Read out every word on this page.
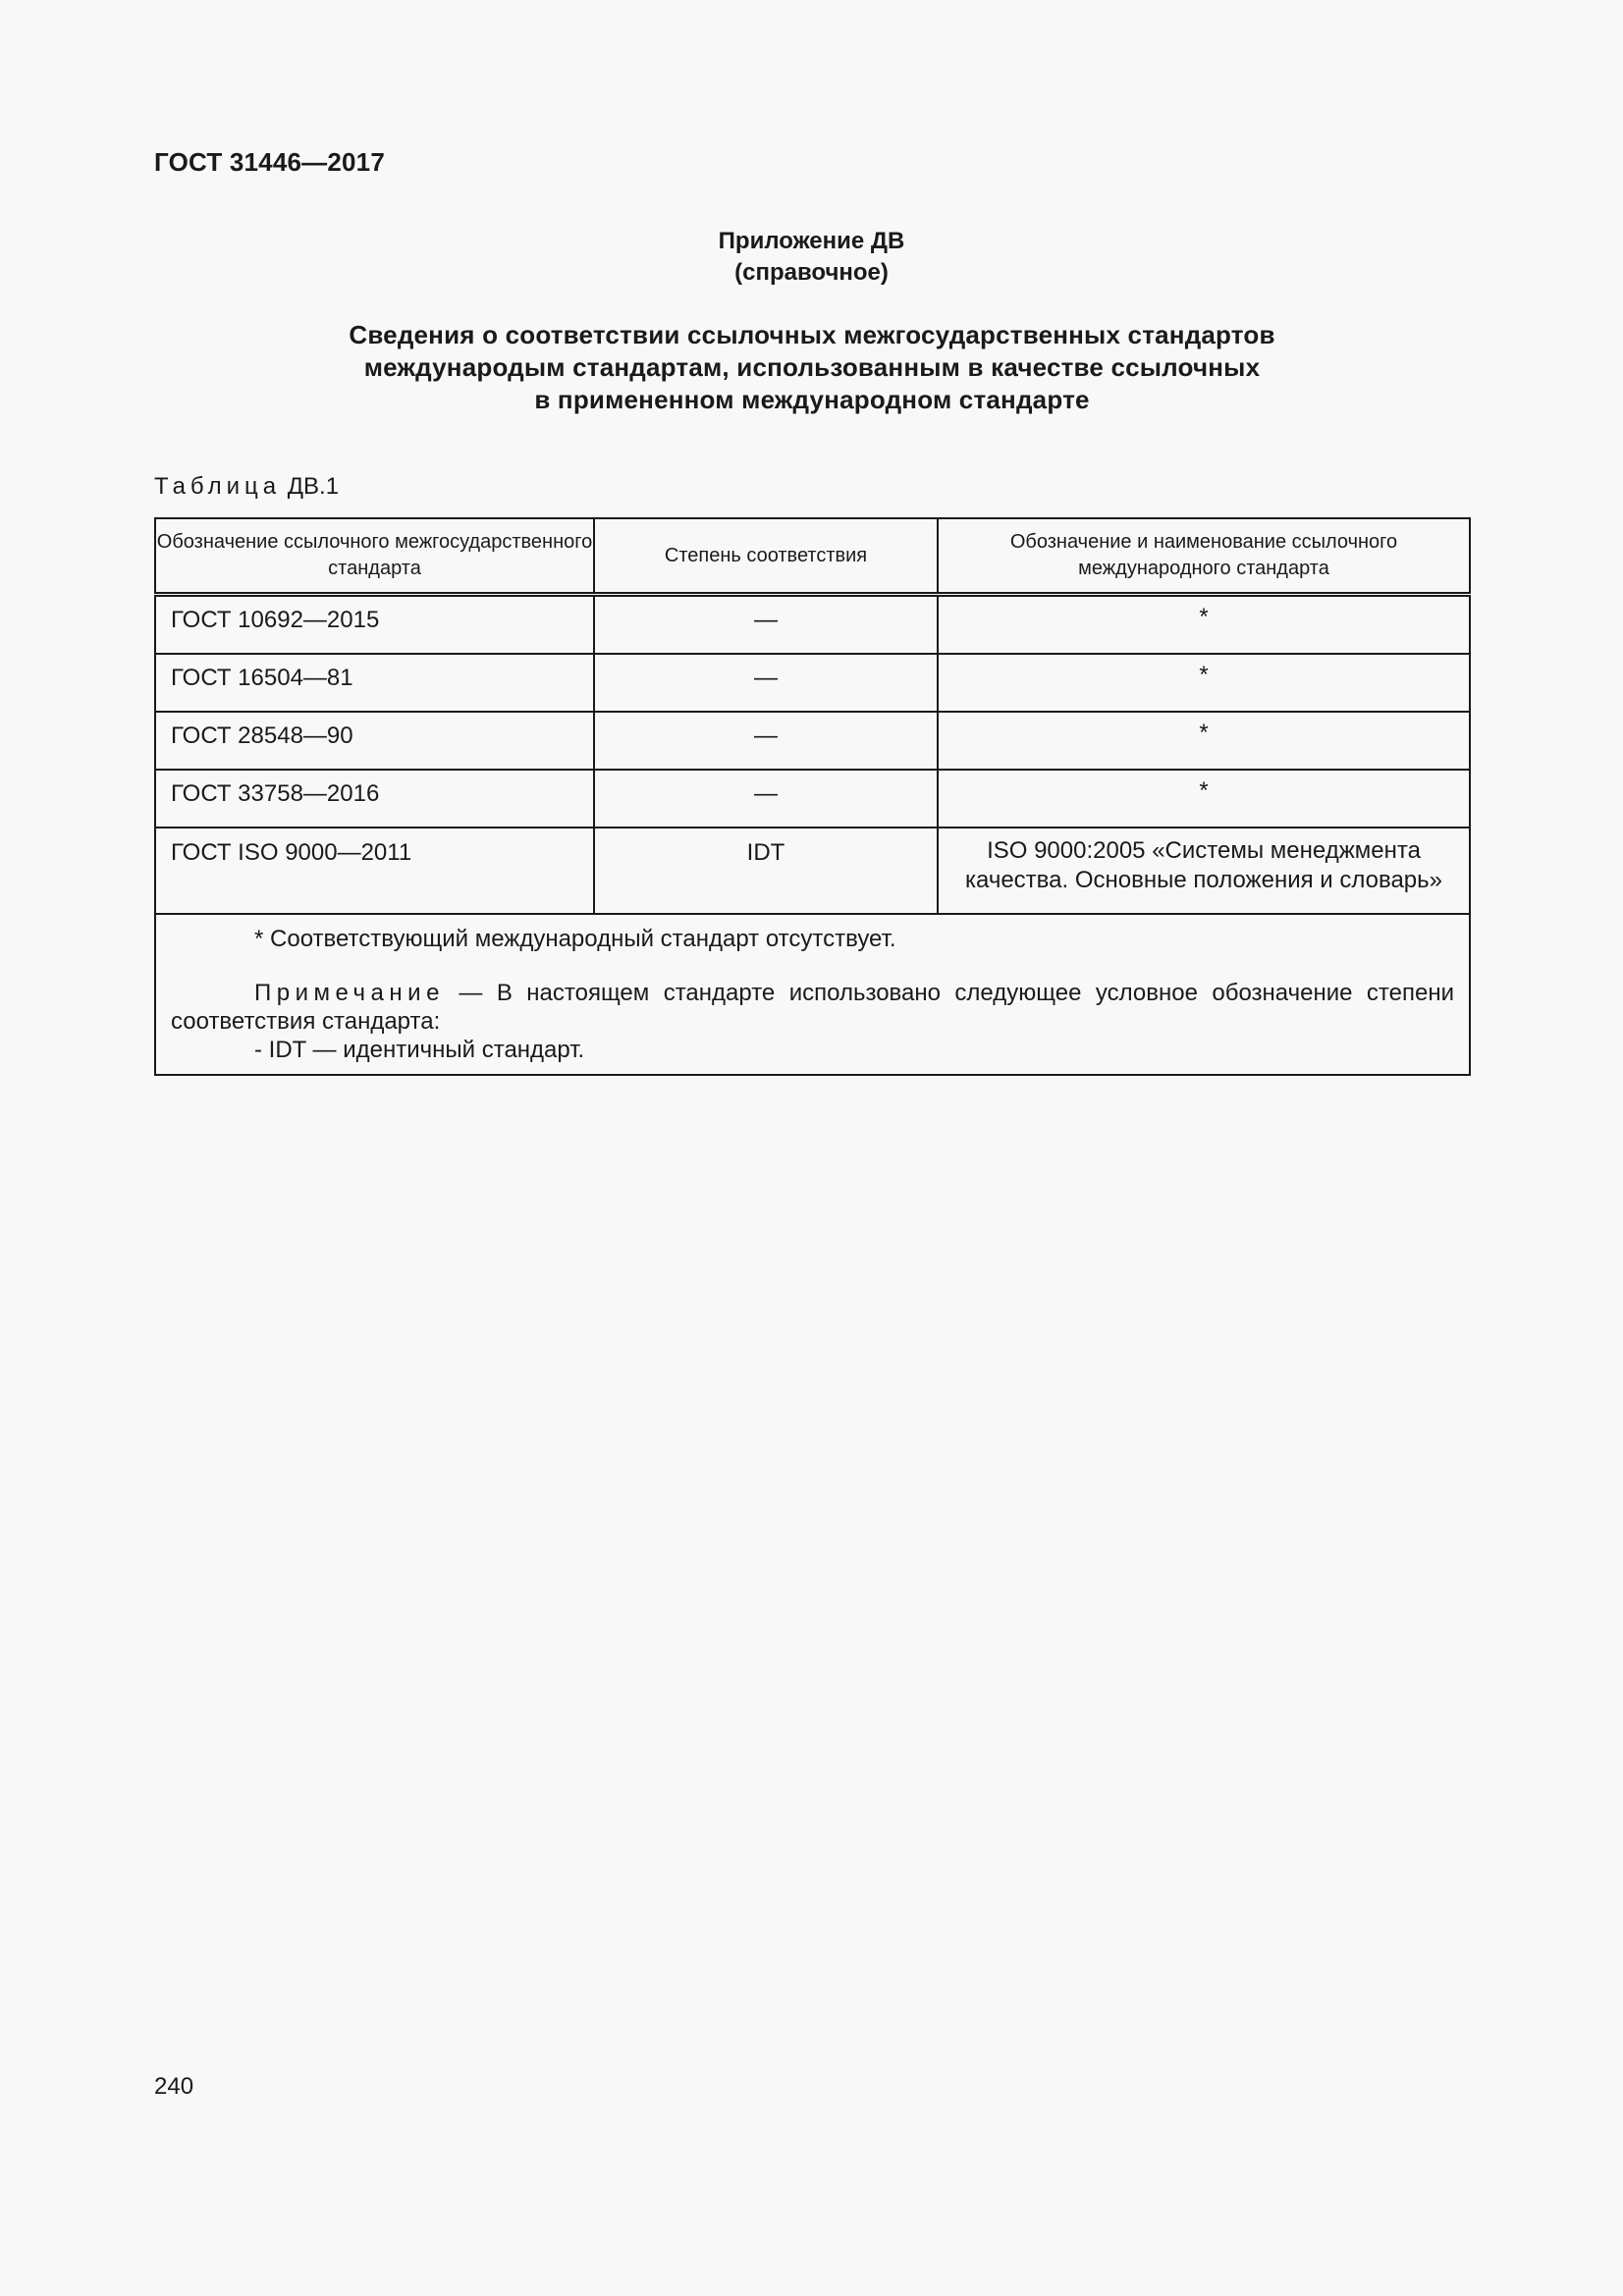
ГОСТ 31446—2017
Приложение ДВ
(справочное)
Сведения о соответствии ссылочных межгосударственных стандартов
международым стандартам, использованным в качестве ссылочных
в примененном международном стандарте
Таблица ДВ.1
Обозначение ссылочного межгосударственного стандарта	Степень соответствия	Обозначение и наименование ссылочного международного стандарта
ГОСТ 10692—2015	—	*
ГОСТ 16504—81	—	*
ГОСТ 28548—90	—	*
ГОСТ 33758—2016	—	*
ГОСТ ISO 9000—2011	IDT	ISO 9000:2005 «Системы менеджмента качества. Основные положения и словарь»

* Соответствующий международный стандарт отсутствует.
Примечание — В настоящем стандарте использовано следующее условное обозначение степени соответствия стандарта:
- IDT — идентичный стандарт.		
240
